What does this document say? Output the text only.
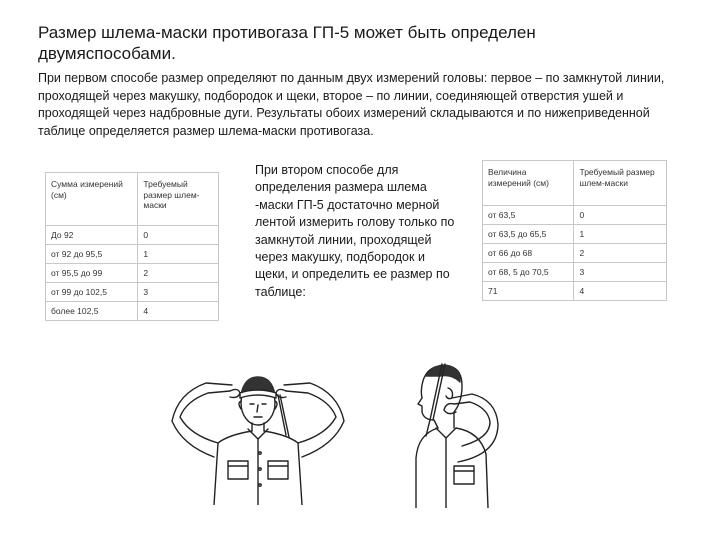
Размер шлема-маски противогаза ГП-5 может быть определен двумяспособами.

При первом способе размер определяют по данным двух измерений головы: первое – по замкнутой линии, проходящей через макушку, подбородок и щеки, второе – по линии, соединяющей отверстия ушей и проходящей через надбровные дуги. Результаты обоих измерений складываются и по нижеприведенной таблице определяется размер шлема-маски противогаза.

Сумма измерений (см)	Требуемый размер шлем-маски
До 92	0
от 92 до 95,5	1
от 95,5 до 99	2
от 99 до 102,5	3
более 102,5	4

При втором способе для определения размера шлема -маски ГП-5 достаточно мерной лентой измерить голову только по замкнутой линии, проходящей через макушку, подбородок и щеки, и определить ее размер по таблице:

Величина измерений (см)	Требуемый размер шлем-маски
от 63,5	0
от 63,5 до 65,5	1
от 66 до 68	2
от 68, 5 до 70,5	3
71	4
